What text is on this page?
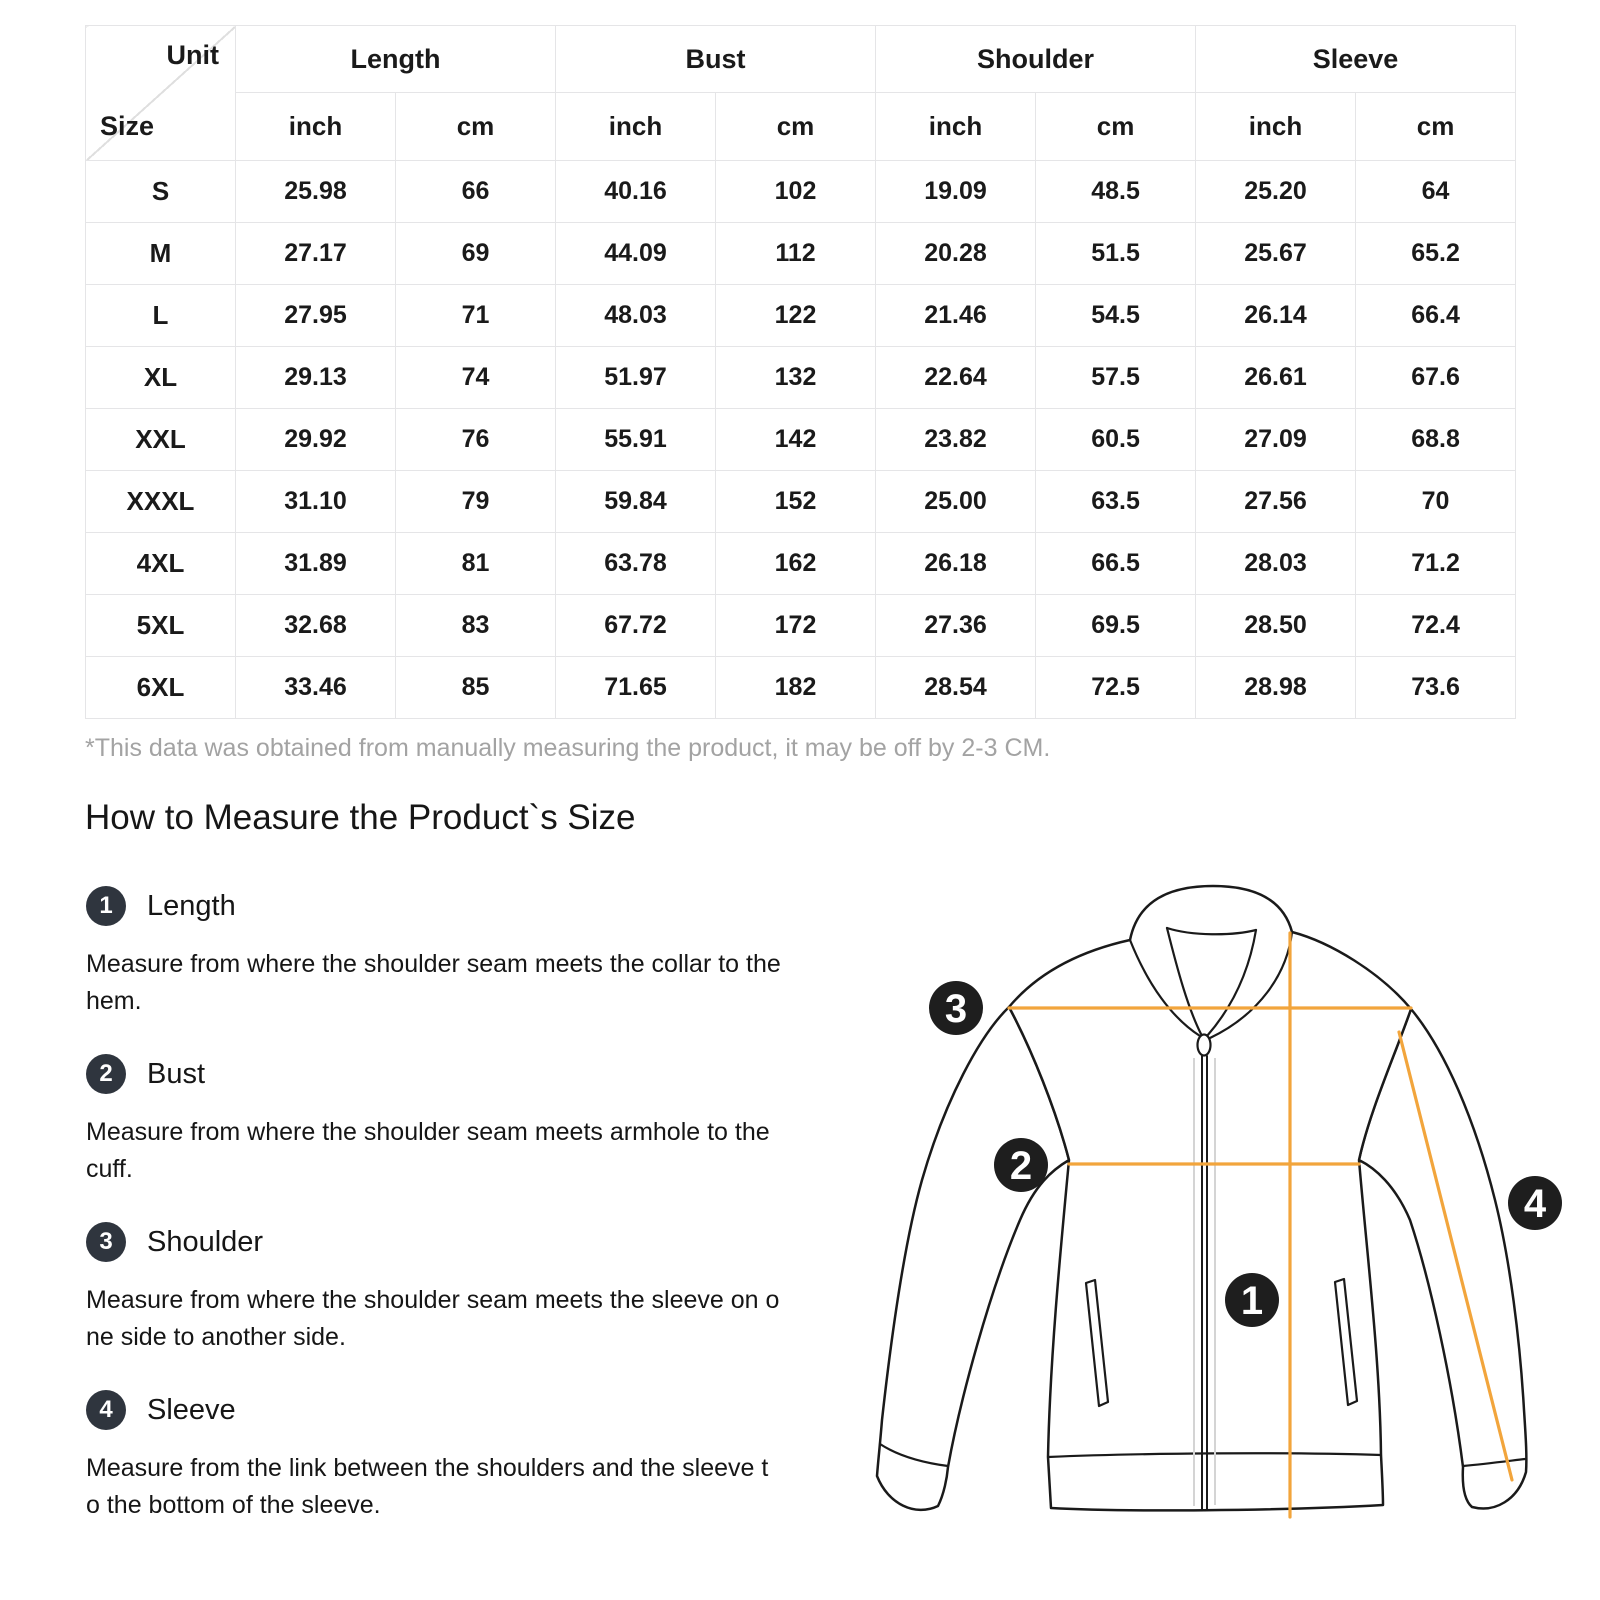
Unit
Size	Length		Bust		Shoulder		Sleeve	
	inch	cm	inch	cm	inch	cm	inch	cm
S	25.98	66	40.16	102	19.09	48.5	25.20	64
M	27.17	69	44.09	112	20.28	51.5	25.67	65.2
L	27.95	71	48.03	122	21.46	54.5	26.14	66.4
XL	29.13	74	51.97	132	22.64	57.5	26.61	67.6
XXL	29.92	76	55.91	142	23.82	60.5	27.09	68.8
XXXL	31.10	79	59.84	152	25.00	63.5	27.56	70
4XL	31.89	81	63.78	162	26.18	66.5	28.03	71.2
5XL	32.68	83	67.72	172	27.36	69.5	28.50	72.4
6XL	33.46	85	71.65	182	28.54	72.5	28.98	73.6
*This data was obtained from manually measuring the product, it may be off by 2-3 CM.
How to Measure the Product`s Size
1	Length
Measure from where the shoulder seam meets the collar to the
hem.
2	Bust
Measure from where the shoulder seam meets armhole to the
cuff.
3	Shoulder
Measure from where the shoulder seam meets the sleeve on o
ne side to another side.
4	Sleeve
Measure from the link between the shoulders and the sleeve t
o the bottom of the sleeve.
1
2
3
4
